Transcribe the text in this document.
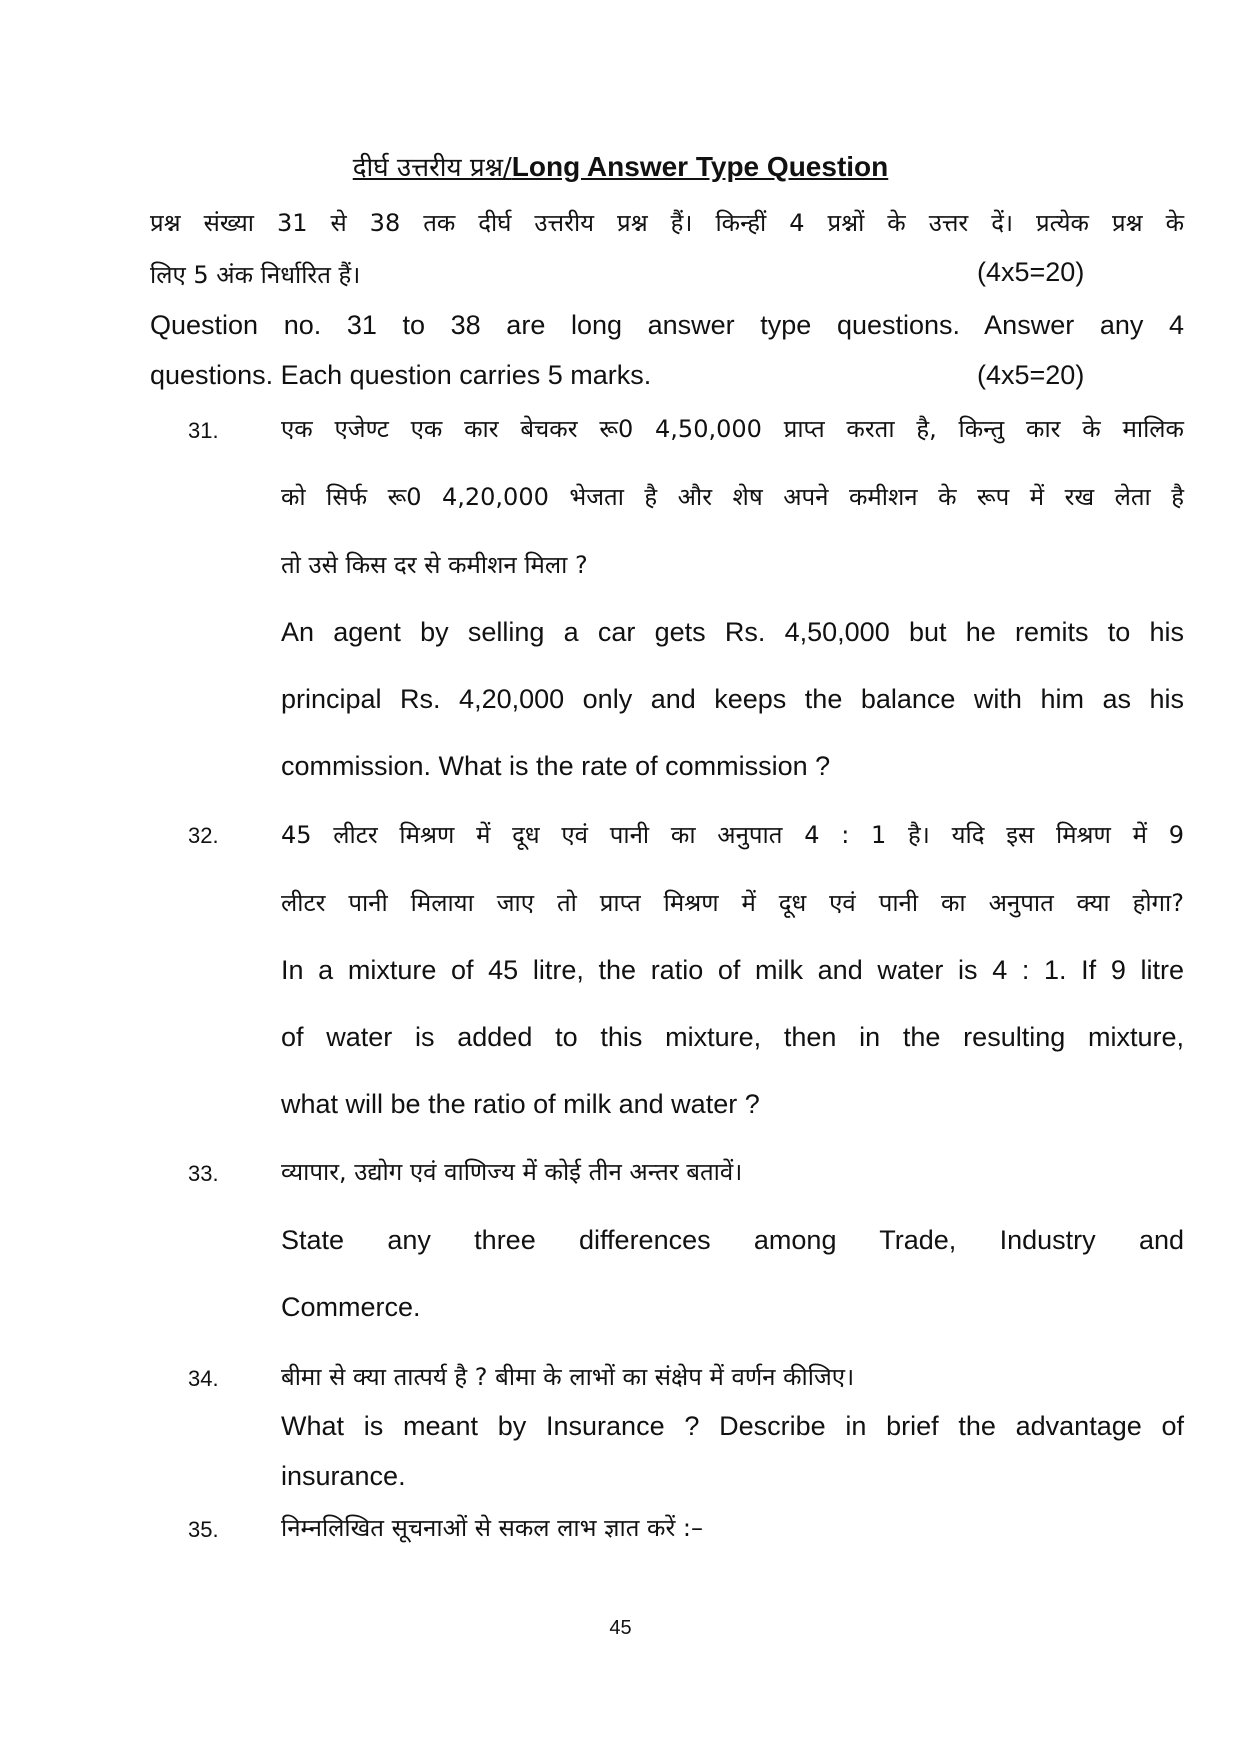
दीर्घ उत्तरीय प्रश्न/Long Answer Type Question
प्रश्न संख्या 31 से 38 तक दीर्घ उत्तरीय प्रश्न हैं। किन्हीं 4 प्रश्नों के उत्तर दें। प्रत्येक प्रश्न के
लिए 5 अंक निर्धारित हैं।	(4x5=20)
Question no. 31 to 38 are long answer type questions. Answer any 4
questions. Each question carries 5 marks.	(4x5=20)
31.	एक एजेण्ट एक कार बेचकर रू0 4,50,000 प्राप्त करता है, किन्तु कार के मालिक
को सिर्फ रू0 4,20,000 भेजता है और शेष अपने कमीशन के रूप में रख लेता है
तो उसे किस दर से कमीशन मिला ?
An agent by selling a car gets Rs. 4,50,000 but he remits to his
principal Rs. 4,20,000 only and keeps the balance with him as his
commission. What is the rate of commission ?
32.	45 लीटर मिश्रण में दूध एवं पानी का अनुपात 4 : 1 है। यदि इस मिश्रण में 9
लीटर पानी मिलाया जाए तो प्राप्त मिश्रण में दूध एवं पानी का अनुपात क्या होगा?
In a mixture of 45 litre, the ratio of milk and water is 4 : 1. If 9 litre
of water is added to this mixture, then in the resulting mixture,
what will be the ratio of milk and water ?
33.	व्यापार, उद्योग एवं वाणिज्य में कोई तीन अन्तर बतावें।
State any three differences among Trade, Industry and
Commerce.
34.	बीमा से क्या तात्पर्य है ? बीमा के लाभों का संक्षेप में वर्णन कीजिए।
What is meant by Insurance ? Describe in brief the advantage of
insurance.
35.	निम्नलिखित सूचनाओं से सकल लाभ ज्ञात करें :–
45
